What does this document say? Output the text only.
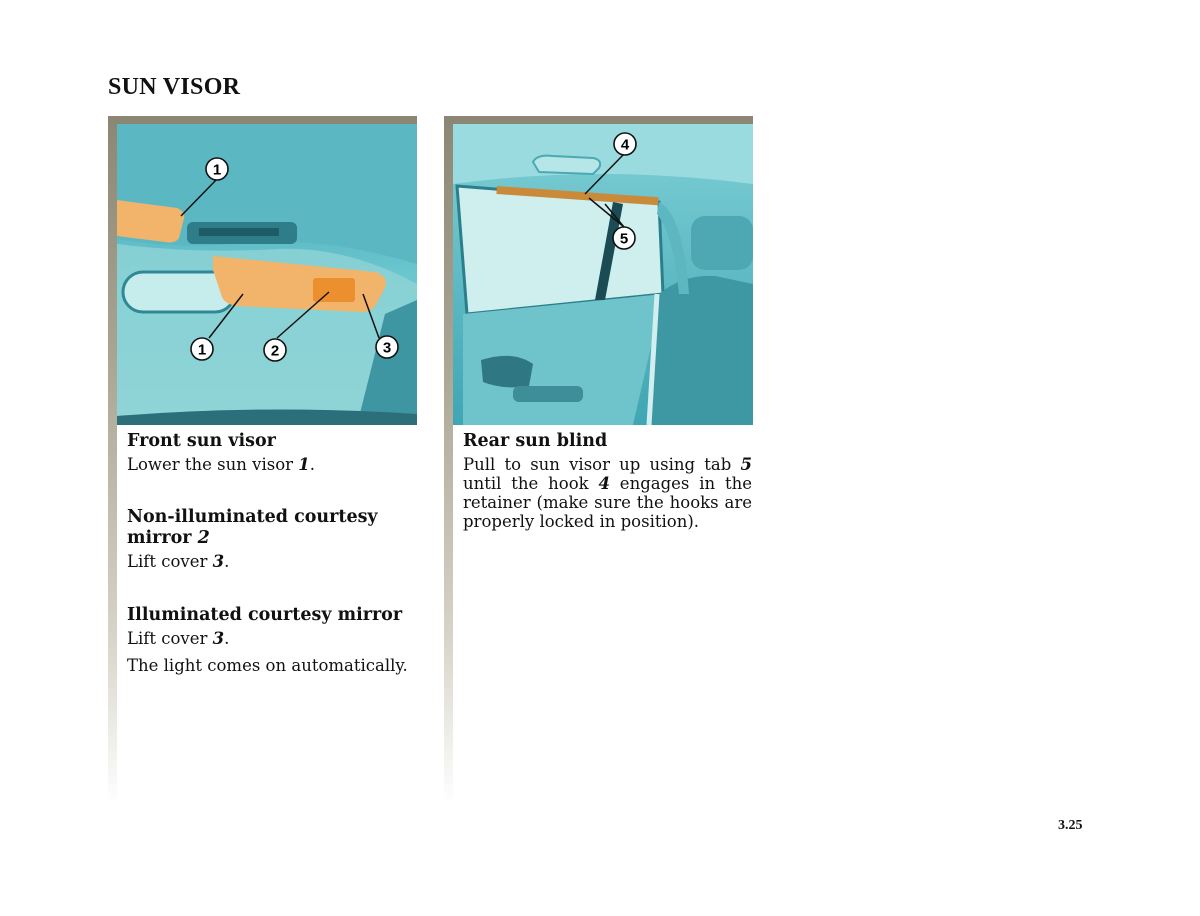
SUN VISOR
1
1	2	3

Front sun visor

Lower the sun visor 1.

Non-illuminated courtesy
mirror 2

Lift cover 3.

Illuminated courtesy mirror

Lift cover 3.

The light comes on automatically.

4
5

Rear sun blind

Pull to sun visor up using tab 5 until the hook 4 engages in the retainer (make sure the hooks are properly locked in position).

3.25
